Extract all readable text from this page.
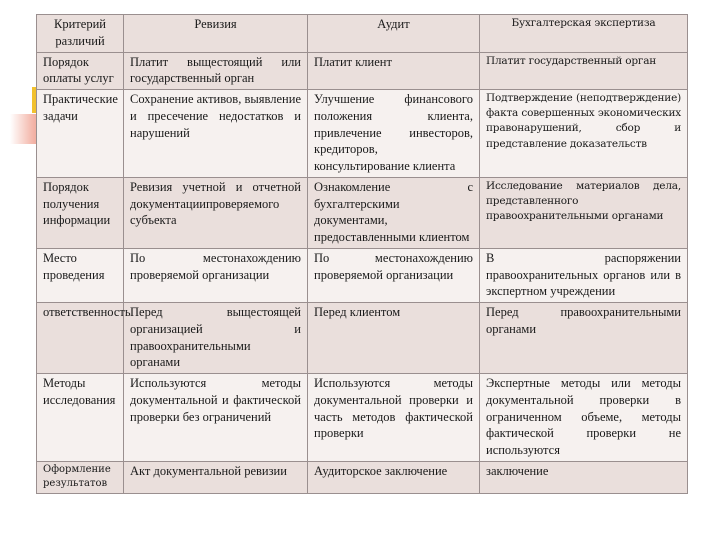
Критерий различий	Ревизия	Аудит	Бухгалтерская экспертиза
Порядок оплаты услуг	Платит выщестоящий или государственный орган	Платит клиент	Платит государственный орган
Практические задачи	Сохранение активов, выявление и пресечение недостатков и нарушений	Улучшение финансового положения клиента, привлечение инвесторов, кредиторов, консультирование клиента	Подтверждение (неподтверждение) факта совершенных экономических правонарушений, сбор и представление доказательств
Порядок получения информации	Ревизия учетной и отчетной документациипроверяемого субъекта	Ознакомление с бухгалтерскими документами, предоставленными клиентом	Исследование материалов дела, представленного правоохранительными органами
Место проведения	По местонахождению проверяемой организации	По местонахождению проверяемой организации	В распоряжении правоохранительных органов или в экспертном учреждении
ответственность	Перед выщестоящей организацией и правоохранительными органами	Перед клиентом	Перед правоохранительными органами
Методы исследования	Используются методы документальной и фактической проверки без ограничений	Используются методы документальной проверки и часть методов фактической проверки	Экспертные методы или методы документальной проверки в ограниченном объеме, методы фактической проверки не используются
Оформление результатов	Акт документальной ревизии	Аудиторское заключение	заключение
